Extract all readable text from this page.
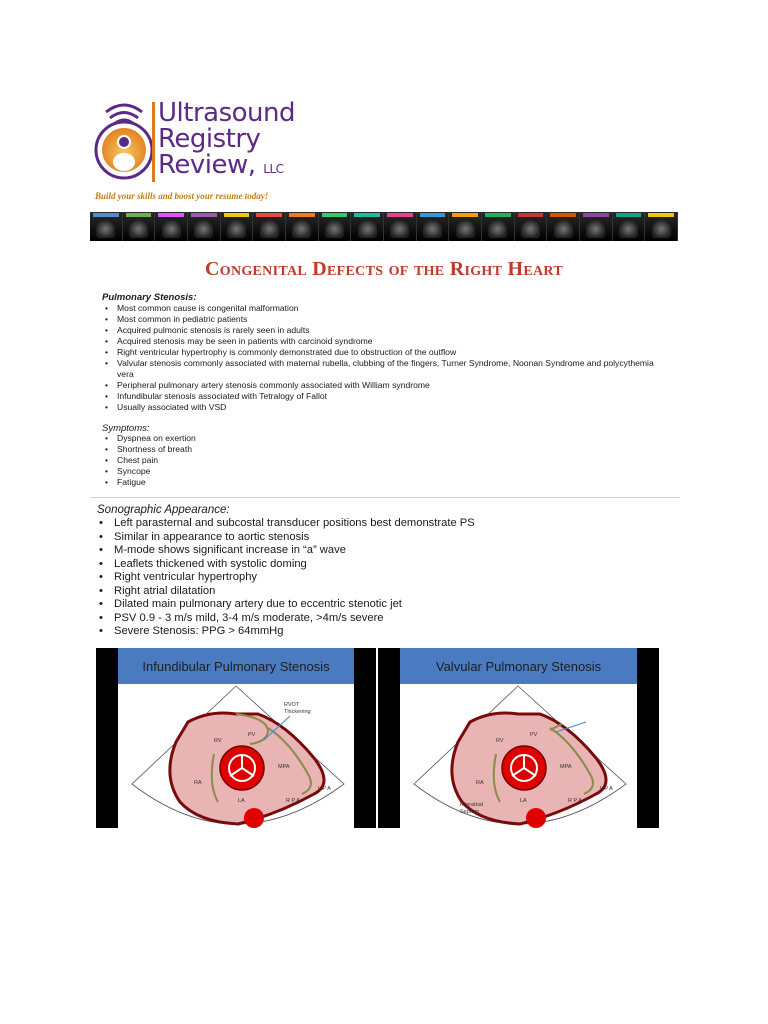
Ultrasound
Registry
Review, LLC
Build your skills and boost your resume today!
Congenital Defects of the Right Heart
Pulmonary Stenosis:
• Most common cause is congenital malformation
• Most common in pediatric patients
• Acquired pulmonic stenosis is rarely seen in adults
• Acquired stenosis may be seen in patients with carcinoid syndrome
• Right ventricular hypertrophy is commonly demonstrated due to obstruction of the outflow
• Valvular stenosis commonly associated with maternal rubella, clubbing of the fingers, Turner Syndrome, Noonan Syndrome and polycythemia vera
• Peripheral pulmonary artery stenosis commonly associated with William syndrome
• Infundibular stenosis associated with Tetralogy of Fallot
• Usually associated with VSD
Symptoms:
• Dyspnea on exertion
• Shortness of breath
• Chest pain
• Syncope
• Fatigue
Sonographic Appearance:
• Left parasternal and subcostal transducer positions best demonstrate PS
• Similar in appearance to aortic stenosis
• M-mode shows significant increase in “a” wave
• Leaflets thickened with systolic doming
• Right ventricular hypertrophy
• Right atrial dilatation
• Dilated main pulmonary artery due to eccentric stenotic jet
• PSV 0.9 - 3 m/s mild, 3-4 m/s moderate, >4m/s severe
• Severe Stenosis: PPG > 64mmHg
Infundibular Pulmonary Stenosis
RV
PV
RA
LA
MPA
R P A
L P A
RVOT
Thickening
Valvular Pulmonary Stenosis
RV
PV
RA
LA
MPA
R P A
L P A
Interatrial
Septum
